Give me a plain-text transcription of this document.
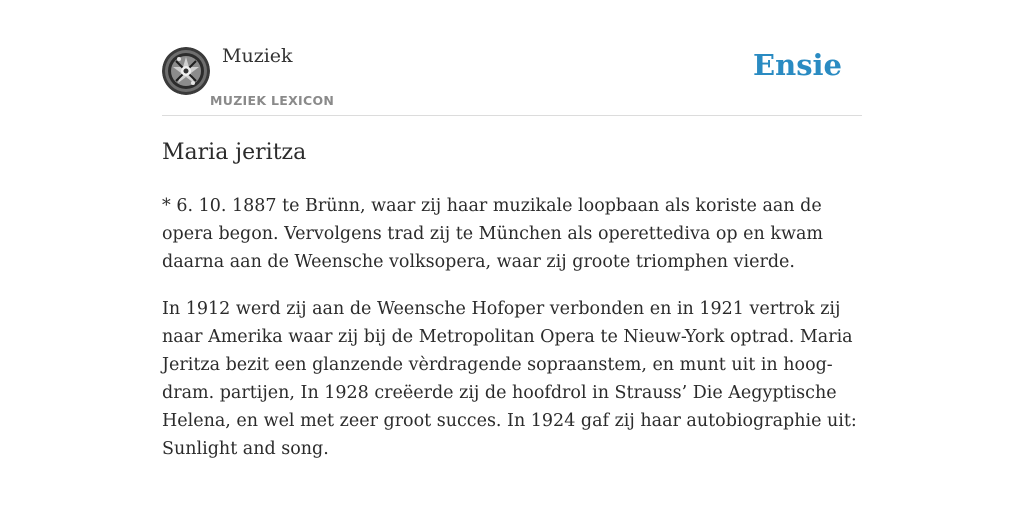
Muziek
MUZIEK LEXICON
Ensie
Maria jeritza

* 6. 10. 1887 te Brünn, waar zij haar muzikale loopbaan als koriste aan de opera begon. Vervolgens trad zij te München als operettediva op en kwam daarna aan de Weensche volksopera, waar zij groote triomphen vierde.

In 1912 werd zij aan de Weensche Hofoper verbonden en in 1921 vertrok zij naar Amerika waar zij bij de Metropolitan Opera te Nieuw-York optrad. Maria Jeritza bezit een glanzende vèrdragende sopraanstem, en munt uit in hoog-dram. partijen, In 1928 creëerde zij de hoofdrol in Strauss’ Die Aegyptische Helena, en wel met zeer groot succes. In 1924 gaf zij haar autobiographie uit: Sunlight and song.
